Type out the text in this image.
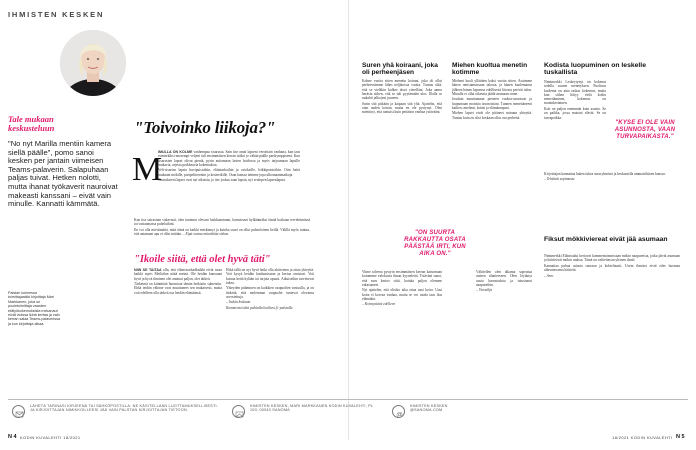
IHMISTEN KESKEN
Tale mukaan keskusteluun
"No nyt Marilla mentiin kamera siellä päälle", pomo sanoi kesken per jantain viimeisen Teams-palaverin. Salapuhaan paljas tuivat. Hetken nolotti, mutta ihanat työkaverit nauroivat makeasti kanssani – eivät vain minulle. Kannatti kämmätä.
Palstan kolmessa toimittajaaikki kirjoittaja Mari Markkanen, joka on puoletoimittaja vaarden etätyökokemuksista mekanaut eivät vioissa ikinä kertaa ja vain kerran salaa Teams-palaverissa ja kun kirjoittaja alkaa.
"Toivoinko liikoja?"
M

IMULLA ON KOLME vanhempaa sisarusta. Sain itse omat lapseni verrattain vanhana, kun taas esimerkiksi nuorempi veljeni tuli ensimmäisen kerran isäksi jo vähän päälle parikymppisenä. Kun sisarusten lapset olivat pieniä, pyrin auttamaan lasten hoidossa ja myös tarjoamaan lapsille mukavia, arjesta poikkeavia kokemuksia.

Veli-sisarten lapsia huvipuistoihin, eläintarhoihin ja ostoksille, leikkipuistoihin. Otin heitä mukaani mökille, puripelitreeniin ja kesäretkille. Osan kanssa teimme jopa ulkomaanmatkoja.

Sisaruksieni lapset ovat nyt aikuisia, ja itse joskus saan lapsia, nyt seulopen lapsenlapsia.

Kun itse sairastuin vakavasti, olen tuntenut olevani loukkaantunut, harmissani hylkäämäksi tämiä koskaan tervehtimässä tai vastaamassa puheluihini.

En voi olla miettimättä, mitä tämä on kaikki merkinnyt ja kuinka suuri on ollut puheoloinen heillä. Välillä myös tuntuu, että antamani apu ei ollut mitään. – Eipä vastaa mitenkään siskoa

"Ikoile siitä, että olet hyvä täti"

NIIN SE TAITAA olla, että eläinsisarkadkaikki eivät tuota kaikki myös Meiltälon näitä meinä. Ole heidän kanssaan hyvä ja hyvä ihminen olet antanut paljon, olet tärkeä.

Tärkeintä on kiinnittää huomiota tämän hetkisiin suhteisiin. Ehkä teidän välinne ovat muuttuneet sen mukaisesti, mutta voit edelleen olla tärkeä osa heidän elämäänsä.

Ehkä tällä on nyt hyvä hetki olla aktiivinen ja ottaa yhteyttä. Voit kysyä heidän kuulumisiaan ja kertoa omistasi. Voit kutsua heitä kylään tai tarjota apuasi. Aikuisetkin tarvitsevat tukea.

Yhteyden pitäminen on kaikkien osapuolten vastuulla, ja on tärkeää, että molemmat osapuolet tuntevat olevansa arvostettuja.

– Inekin koskaan

Kommentoi tätä palstalla kotiliesi.fi -palstalla

Suren yhä koiraani, joka oli perheenjäsen

Kolme vuotta sitten menetin koirani, joka oli ollut perheessämme lähes neljätoista vuotta. Tuntuu siltä, että se vieläkin kulkee tässä vierelläni. Joka aamu heräsin siihen, että se tuli pyytämään ulos. Illalla se nukahti jalkojeni juureen.

Surin sitä pitkään ja kaipaan sitä yhä. Ajattelin, että otan uuden koiran, mutta en ole pystynyt. Olen miettinyt, että tuntuisi kuin pettäisin vanhaa ystävääni.

Viime talvena pystyin ensimmäisen kerran katsomaan koiramme valokuvia ilman kyyneleitä. Ystäväni sanoi, että suru kertoo siitä, kuinka paljon olemme rakastaneet.

Nyt ajattelen, että olisiko aika ottaa uusi koira. Uusi koira ei korvaa vanhaa, mutta se voi tuoda taas iloa elämääni.

– Koiraystävä edelleen

"ON SUURTA RAKKAUTTA OSATA PÄÄSTÄÄ IRTI, KUN AIKA ON."
Miehen kuoltua menetin kotimme

Mieheni kuoli yllättäen kaksi vuotta sitten. Asuimme hänen omistamassaan talossa, ja hänen kuolemansa jälkeen hänen lapsensa edellisestä liitosta perivät talon. Minulla ei ollut oikeutta jäädä asumaan sinne.

Jouduin muuttamaan pieneen vuokra-asuntoon ja luopumaan monista tavaroistani. Tunnen menettäneeni kaiken: mieheni, kotini ja elämäntapani.

Miehen lapset eivät ole pitäneet minuun yhteyttä. Tuntuu kuin en olisi koskaan ollut osa perhettä.

Vähitellen olen alkanut sopeutua uuteen tilanteeseen. Olen löytänyt uusia harrastuksia ja tutustunut naapureihin.

– Vierailija

Kodista luopuminen on leskelle tuskallista

Nimimerkki Leskeytynyt on kokenut todella suuren menetyksen. Puolison kuolema on aina raskas kokemus, mutta kun siihen liittyy vielä kodin menettäminen, kokemus on moninkertainen.

Koti on paljon enemmän kuin asunto. Se on paikka, jossa muistot elävät. Se on turvapaikka.

"KYSE EI OLE VAIN ASUNNOSTA, VAAN TURVAPAIKASTA."

Kirjoittajan kannattaa hakea tukea sururyhmistä ja keskustella ammattilaisen kanssa.

– Tehtävät sopimusta

Fiksut mökkiviereat eivät jää asumaan

Nimimerkki Eläintaulut kertovat kommentoinnissaan mökin naapureista, jotka jäivät asumaan ja häiritsivät mökin rauhaa. Tämä on valitettavan yleinen ilmiö.

Kannattaa puhua asiasta suoraan ja kohteliaasti. Usein ihmiset eivät edes huomaa aiheuttavansa häiriötä.

– Arm.

LÄHETÄ TARINASI KIRJEENÄ TAI SÄHKÖPOSTILLA. NE KÄSITELLÄÄN LUOTTAMUKSELLISESTI. JA KIRJOITTAJAN NIMIKKOILLEESI JÄÄ VAIN PALSTAN KIRJOITTAJAN TIETOON.
IHMISTEN KESKEN, MARI MARKKANEN KODIN KUVALEHTI, PL 100, 00040 SANOMA
@
IHMISTEN KESKEN @SANOMA.COM
N 4 KODIN KUVALEHTI 18/2021	18/2021 KODIN KUVALEHTI N 5
